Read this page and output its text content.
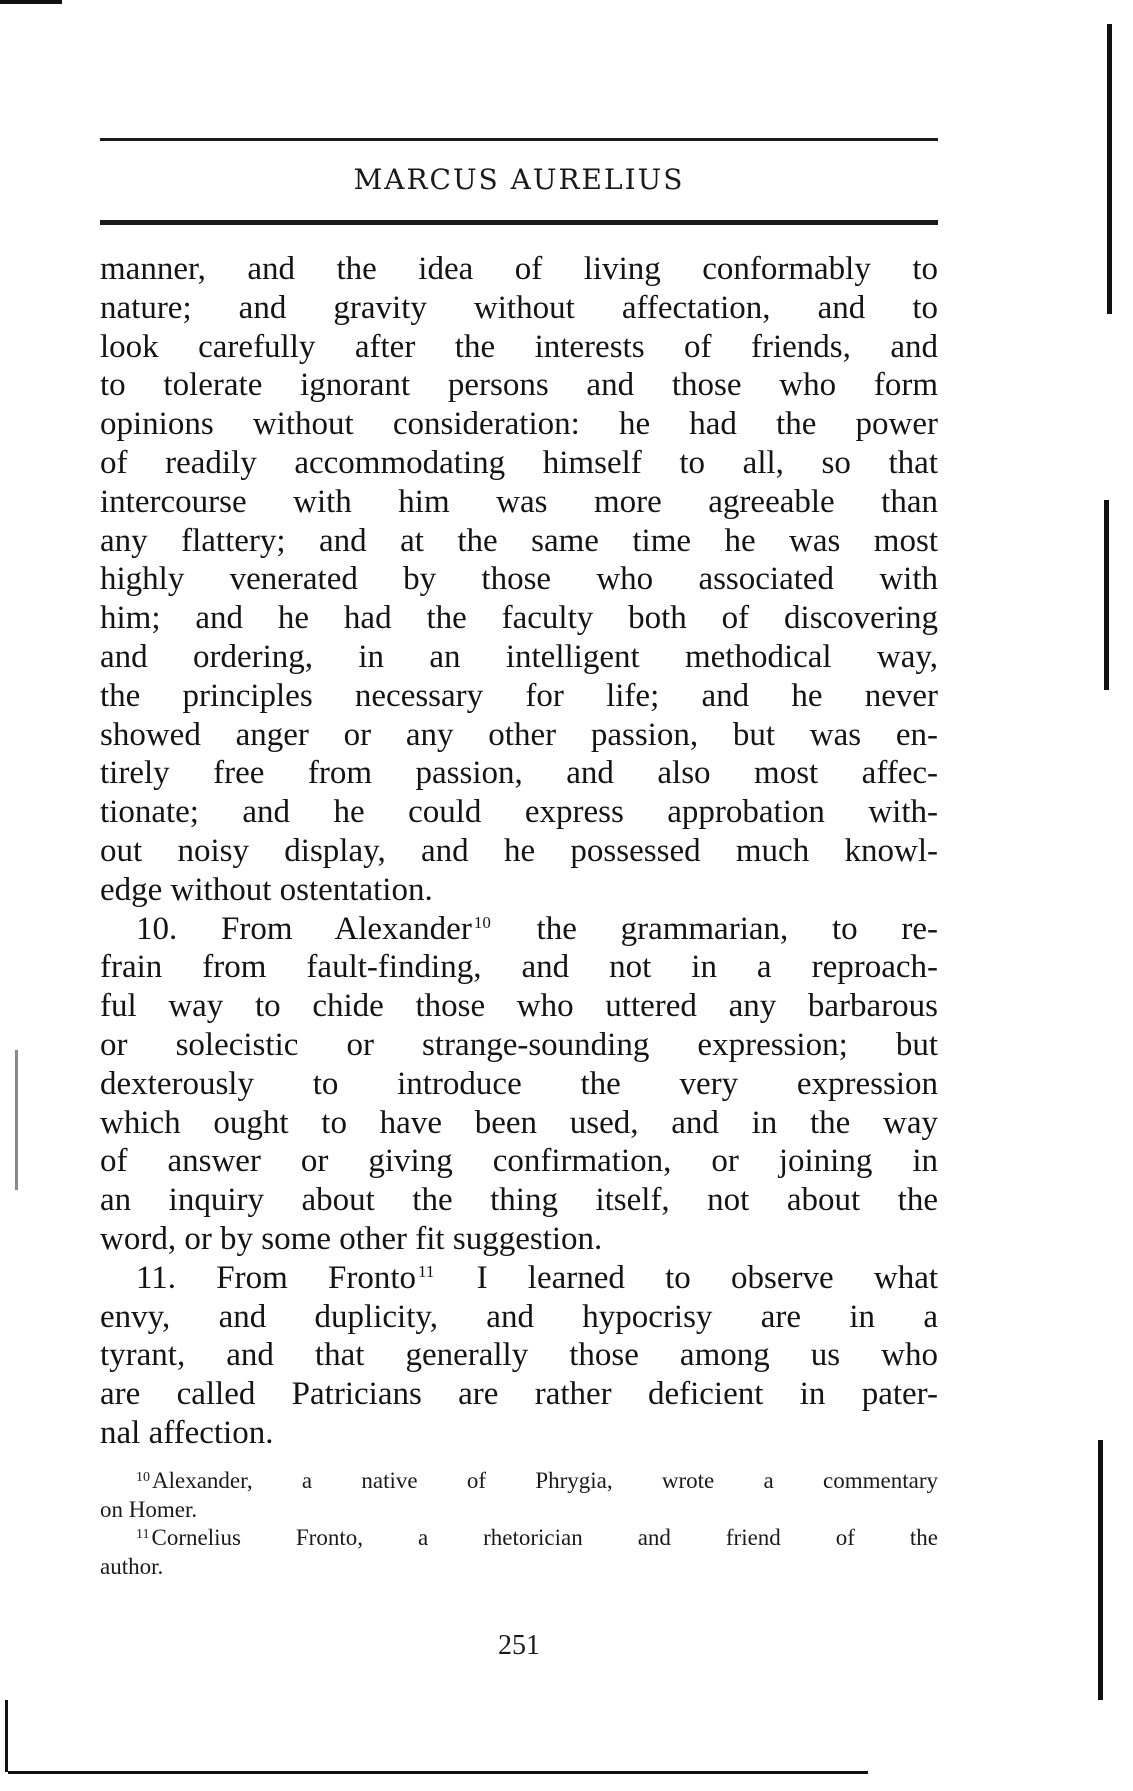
MARCUS AURELIUS

manner, and the idea of living conformably to
nature; and gravity without affectation, and to
look carefully after the interests of friends, and
to tolerate ignorant persons and those who form
opinions without consideration: he had the power
of readily accommodating himself to all, so that
intercourse with him was more agreeable than
any flattery; and at the same time he was most
highly venerated by those who associated with
him; and he had the faculty both of discovering
and ordering, in an intelligent methodical way,
the principles necessary for life; and he never
showed anger or any other passion, but was en-
tirely free from passion, and also most affec-
tionate; and he could express approbation with-
out noisy display, and he possessed much knowl-
edge without ostentation.

10. From Alexander $^{10}$ the grammarian, to re-
frain from fault-finding, and not in a reproach-
ful way to chide those who uttered any barbarous
or solecistic or strange-sounding expression; but
dexterously to introduce the very expression
which ought to have been used, and in the way
of answer or giving confirmation, or joining in
an inquiry about the thing itself, not about the
word, or by some other fit suggestion.

11. From Fronto $^{11}$ I learned to observe what
envy, and duplicity, and hypocrisy are in a
tyrant, and that generally those among us who
are called Patricians are rather deficient in pater-
nal affection.

$^{10}$Alexander, a native of Phrygia, wrote a commentary
on Homer.
$^{11}$Cornelius Fronto, a rhetorician and friend of the
author.
251
